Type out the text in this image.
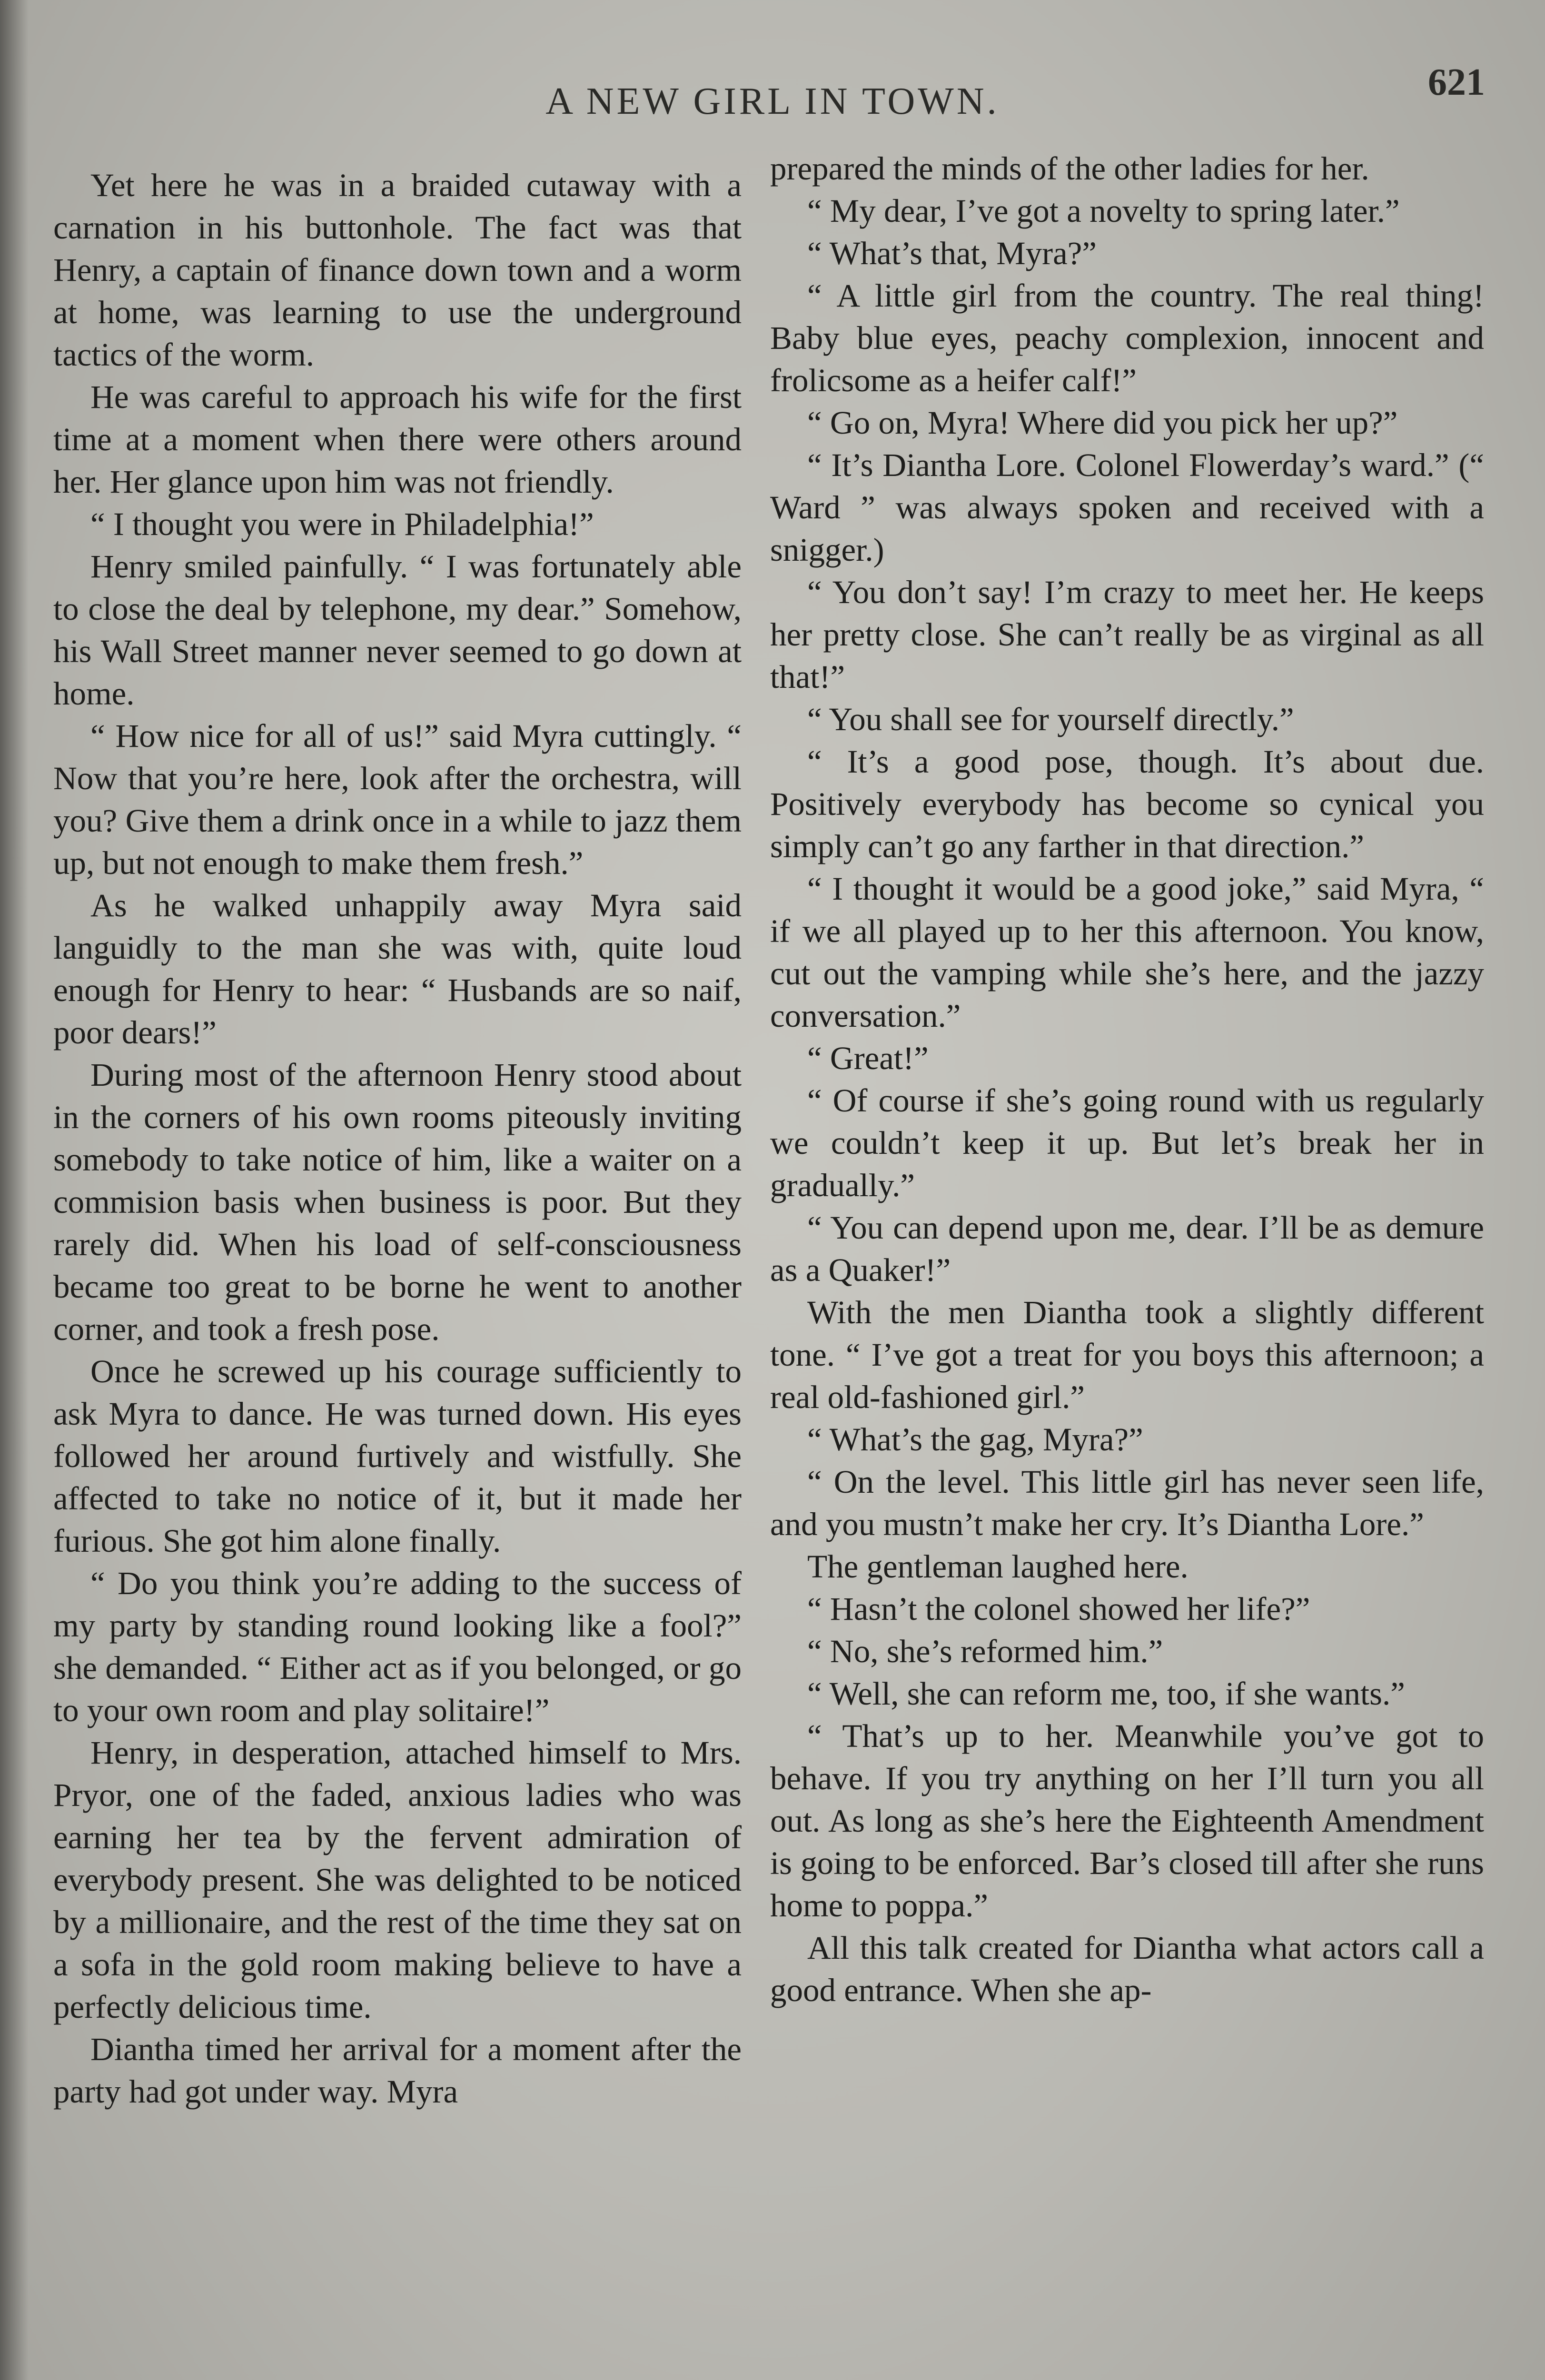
A NEW GIRL IN TOWN.	621

Yet here he was in a braided cutaway with a carnation in his buttonhole. The fact was that Henry, a captain of finance down town and a worm at home, was learning to use the underground tactics of the worm.

He was careful to approach his wife for the first time at a moment when there were others around her. Her glance upon him was not friendly.

“ I thought you were in Philadelphia!”

Henry smiled painfully. “ I was fortunately able to close the deal by telephone, my dear.” Somehow, his Wall Street manner never seemed to go down at home.

“ How nice for all of us!” said Myra cuttingly. “ Now that you’re here, look after the orchestra, will you? Give them a drink once in a while to jazz them up, but not enough to make them fresh.”

As he walked unhappily away Myra said languidly to the man she was with, quite loud enough for Henry to hear: “ Husbands are so naif, poor dears!”

During most of the afternoon Henry stood about in the corners of his own rooms piteously inviting somebody to take notice of him, like a waiter on a commision basis when business is poor. But they rarely did. When his load of self-consciousness became too great to be borne he went to another corner, and took a fresh pose.

Once he screwed up his courage sufficiently to ask Myra to dance. He was turned down. His eyes followed her around furtively and wistfully. She affected to take no notice of it, but it made her furious. She got him alone finally.

“ Do you think you’re adding to the success of my party by standing round looking like a fool?” she demanded. “ Either act as if you belonged, or go to your own room and play solitaire!”

Henry, in desperation, attached himself to Mrs. Pryor, one of the faded, anxious ladies who was earning her tea by the fervent admiration of everybody present. She was delighted to be noticed by a millionaire, and the rest of the time they sat on a sofa in the gold room making believe to have a perfectly delicious time.

Diantha timed her arrival for a moment after the party had got under way. Myra

prepared the minds of the other ladies for her.

“ My dear, I’ve got a novelty to spring later.”

“ What’s that, Myra?”

“ A little girl from the country. The real thing! Baby blue eyes, peachy complexion, innocent and frolicsome as a heifer calf!”

“ Go on, Myra! Where did you pick her up?”

“ It’s Diantha Lore. Colonel Flowerday’s ward.” (“ Ward ” was always spoken and received with a snigger.)

“ You don’t say! I’m crazy to meet her. He keeps her pretty close. She can’t really be as virginal as all that!”

“ You shall see for yourself directly.”

“ It’s a good pose, though. It’s about due. Positively everybody has become so cynical you simply can’t go any farther in that direction.”

“ I thought it would be a good joke,” said Myra, “ if we all played up to her this afternoon. You know, cut out the vamping while she’s here, and the jazzy conversation.”

“ Great!”

“ Of course if she’s going round with us regularly we couldn’t keep it up. But let’s break her in gradually.”

“ You can depend upon me, dear. I’ll be as demure as a Quaker!”

With the men Diantha took a slightly different tone. “ I’ve got a treat for you boys this afternoon; a real old-fashioned girl.”

“ What’s the gag, Myra?”

“ On the level. This little girl has never seen life, and you mustn’t make her cry. It’s Diantha Lore.”

The gentleman laughed here.

“ Hasn’t the colonel showed her life?”

“ No, she’s reformed him.”

“ Well, she can reform me, too, if she wants.”

“ That’s up to her. Meanwhile you’ve got to behave. If you try anything on her I’ll turn you all out. As long as she’s here the Eighteenth Amendment is going to be enforced. Bar’s closed till after she runs home to poppa.”

All this talk created for Diantha what actors call a good entrance. When she ap-
